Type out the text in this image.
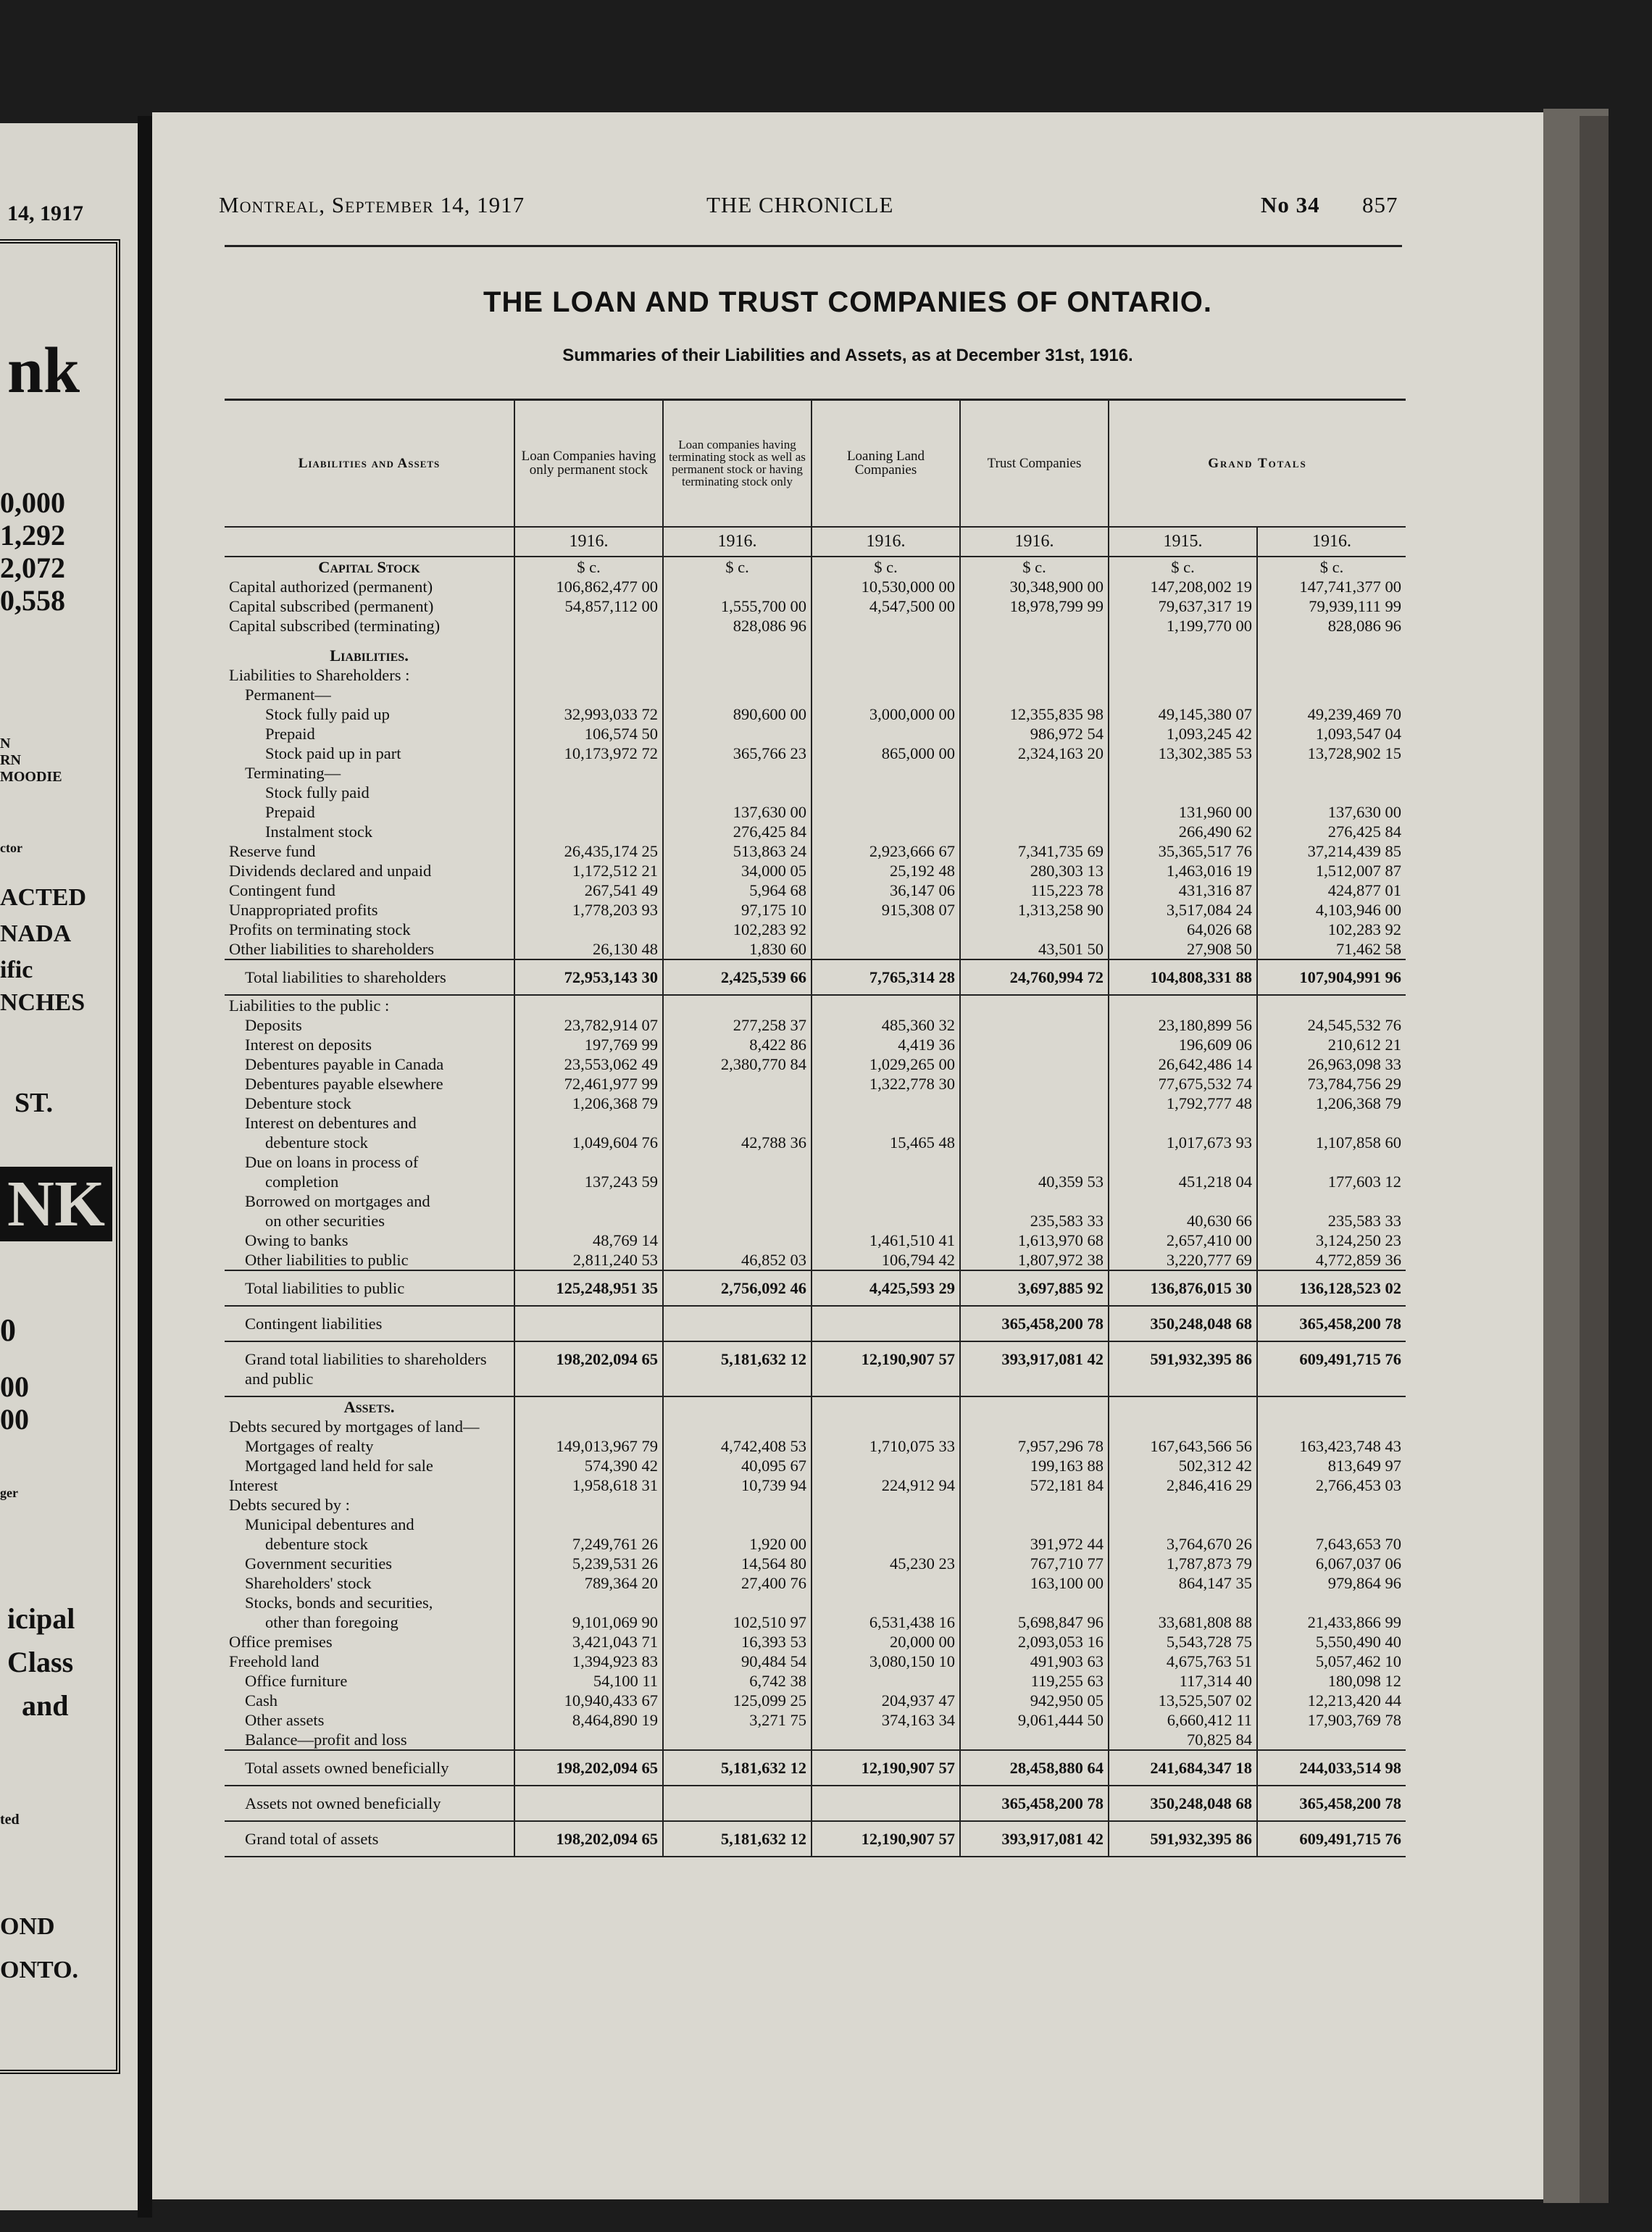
14, 1917
nk
0,000
1,292
2,072
0,558
N
RN
MOODIE
ctor
ACTED
NADA
ific
NCHES
ST.
NK
0
00
00
ger
icipal
Class
and
ted
OND
ONTO.
Montreal, September 14, 1917	THE CHRONICLE	No 34 857
THE LOAN AND TRUST COMPANIES OF ONTARIO.
Summaries of their Liabilities and Assets, as at December 31st, 1916.
Liabilities and Assets	Loan Companies having only permanent stock	Loan companies having terminating stock as well as permanent stock or having terminating stock only	Loaning Land Companies	Trust Companies	Grand Totals	
	1916.	1916.	1916.	1916.	1915.	1916.
Capital Stock	$ c.	$ c.	$ c.	$ c.	$ c.	$ c.
Capital authorized (permanent)	106,862,477 00		10,530,000 00	30,348,900 00	147,208,002 19	147,741,377 00
Capital subscribed (permanent)	54,857,112 00	1,555,700 00	4,547,500 00	18,978,799 99	79,637,317 19	79,939,111 99
Capital subscribed (terminating)		828,086 96			1,199,770 00	828,086 96

Liabilities.						
Liabilities to Shareholders :						
Permanent—						
Stock fully paid up	32,993,033 72	890,600 00	3,000,000 00	12,355,835 98	49,145,380 07	49,239,469 70
Prepaid	106,574 50			986,972 54	1,093,245 42	1,093,547 04
Stock paid up in part	10,173,972 72	365,766 23	865,000 00	2,324,163 20	13,302,385 53	13,728,902 15
Terminating—						
Stock fully paid						
Prepaid		137,630 00			131,960 00	137,630 00
Instalment stock		276,425 84			266,490 62	276,425 84
Reserve fund	26,435,174 25	513,863 24	2,923,666 67	7,341,735 69	35,365,517 76	37,214,439 85
Dividends declared and unpaid	1,172,512 21	34,000 05	25,192 48	280,303 13	1,463,016 19	1,512,007 87
Contingent fund	267,541 49	5,964 68	36,147 06	115,223 78	431,316 87	424,877 01
Unappropriated profits	1,778,203 93	97,175 10	915,308 07	1,313,258 90	3,517,084 24	4,103,946 00
Profits on terminating stock		102,283 92			64,026 68	102,283 92
Other liabilities to shareholders	26,130 48	1,830 60		43,501 50	27,908 50	71,462 58
Total liabilities to shareholders	72,953,143 30	2,425,539 66	7,765,314 28	24,760,994 72	104,808,331 88	107,904,991 96
Liabilities to the public :						
Deposits	23,782,914 07	277,258 37	485,360 32		23,180,899 56	24,545,532 76
Interest on deposits	197,769 99	8,422 86	4,419 36		196,609 06	210,612 21
Debentures payable in Canada	23,553,062 49	2,380,770 84	1,029,265 00		26,642,486 14	26,963,098 33
Debentures payable elsewhere	72,461,977 99		1,322,778 30		77,675,532 74	73,784,756 29
Debenture stock	1,206,368 79				1,792,777 48	1,206,368 79
Interest on debentures and						
debenture stock	1,049,604 76	42,788 36	15,465 48		1,017,673 93	1,107,858 60
Due on loans in process of						
completion	137,243 59			40,359 53	451,218 04	177,603 12
Borrowed on mortgages and						
on other securities				235,583 33	40,630 66	235,583 33
Owing to banks	48,769 14		1,461,510 41	1,613,970 68	2,657,410 00	3,124,250 23
Other liabilities to public	2,811,240 53	46,852 03	106,794 42	1,807,972 38	3,220,777 69	4,772,859 36
Total liabilities to public	125,248,951 35	2,756,092 46	4,425,593 29	3,697,885 92	136,876,015 30	136,128,523 02
Contingent liabilities				365,458,200 78	350,248,048 68	365,458,200 78
Grand total liabilities to shareholders and public	198,202,094 65	5,181,632 12	12,190,907 57	393,917,081 42	591,932,395 86	609,491,715 76
Assets.						
Debts secured by mortgages of land—						
Mortgages of realty	149,013,967 79	4,742,408 53	1,710,075 33	7,957,296 78	167,643,566 56	163,423,748 43
Mortgaged land held for sale	574,390 42	40,095 67		199,163 88	502,312 42	813,649 97
Interest	1,958,618 31	10,739 94	224,912 94	572,181 84	2,846,416 29	2,766,453 03
Debts secured by :						
Municipal debentures and						
debenture stock	7,249,761 26	1,920 00		391,972 44	3,764,670 26	7,643,653 70
Government securities	5,239,531 26	14,564 80	45,230 23	767,710 77	1,787,873 79	6,067,037 06
Shareholders' stock	789,364 20	27,400 76		163,100 00	864,147 35	979,864 96
Stocks, bonds and securities,						
other than foregoing	9,101,069 90	102,510 97	6,531,438 16	5,698,847 96	33,681,808 88	21,433,866 99
Office premises	3,421,043 71	16,393 53	20,000 00	2,093,053 16	5,543,728 75	5,550,490 40
Freehold land	1,394,923 83	90,484 54	3,080,150 10	491,903 63	4,675,763 51	5,057,462 10
Office furniture	54,100 11	6,742 38		119,255 63	117,314 40	180,098 12
Cash	10,940,433 67	125,099 25	204,937 47	942,950 05	13,525,507 02	12,213,420 44
Other assets	8,464,890 19	3,271 75	374,163 34	9,061,444 50	6,660,412 11	17,903,769 78
Balance—profit and loss					70,825 84	
Total assets owned beneficially	198,202,094 65	5,181,632 12	12,190,907 57	28,458,880 64	241,684,347 18	244,033,514 98
Assets not owned beneficially				365,458,200 78	350,248,048 68	365,458,200 78
Grand total of assets	198,202,094 65	5,181,632 12	12,190,907 57	393,917,081 42	591,932,395 86	609,491,715 76
